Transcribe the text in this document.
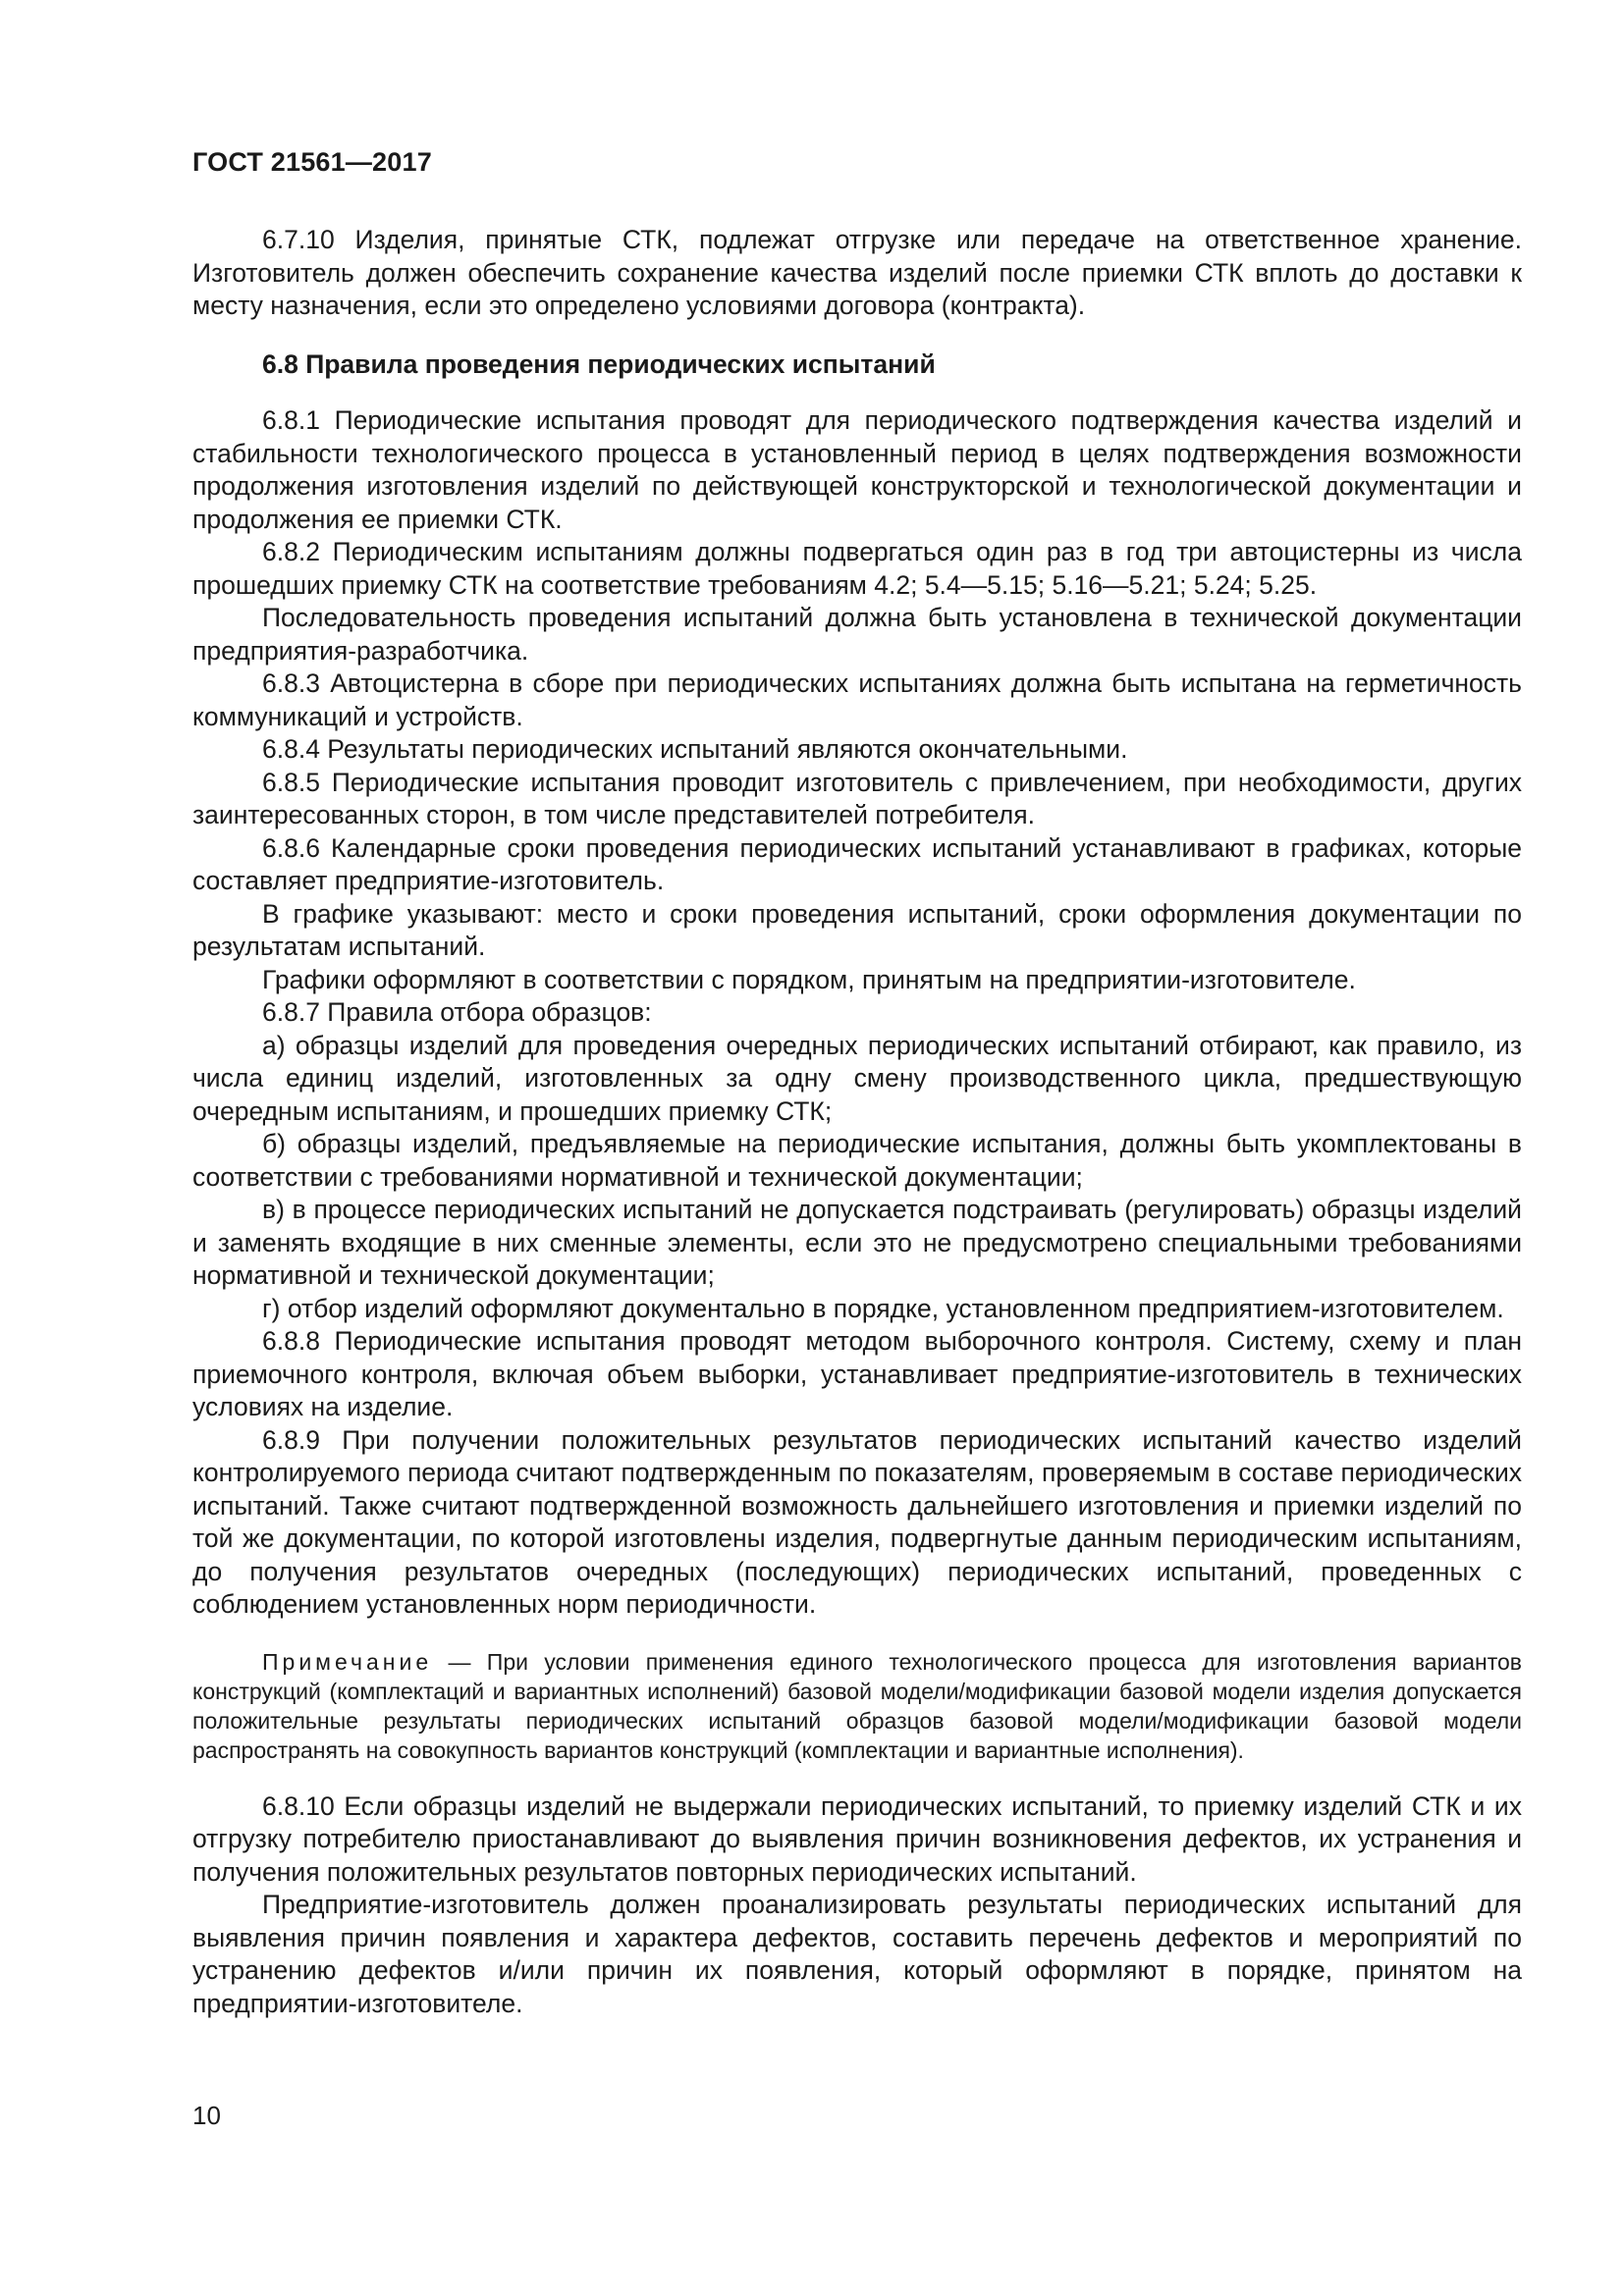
ГОСТ 21561—2017

6.7.10 Изделия, принятые СТК, подлежат отгрузке или передаче на ответственное хранение. Изготовитель должен обеспечить сохранение качества изделий после приемки СТК вплоть до доставки к месту назначения, если это определено условиями договора (контракта).

6.8 Правила проведения периодических испытаний

6.8.1 Периодические испытания проводят для периодического подтверждения качества изделий и стабильности технологического процесса в установленный период в целях подтверждения возможности продолжения изготовления изделий по действующей конструкторской и технологической документации и продолжения ее приемки СТК.

6.8.2 Периодическим испытаниям должны подвергаться один раз в год три автоцистерны из числа прошедших приемку СТК на соответствие требованиям 4.2; 5.4—5.15; 5.16—5.21; 5.24; 5.25.

Последовательность проведения испытаний должна быть установлена в технической документации предприятия-разработчика.

6.8.3 Автоцистерна в сборе при периодических испытаниях должна быть испытана на герметичность коммуникаций и устройств.

6.8.4 Результаты периодических испытаний являются окончательными.

6.8.5 Периодические испытания проводит изготовитель с привлечением, при необходимости, других заинтересованных сторон, в том числе представителей потребителя.

6.8.6 Календарные сроки проведения периодических испытаний устанавливают в графиках, которые составляет предприятие-изготовитель.

В графике указывают: место и сроки проведения испытаний, сроки оформления документации по результатам испытаний.

Графики оформляют в соответствии с порядком, принятым на предприятии-изготовителе.

6.8.7 Правила отбора образцов:

а) образцы изделий для проведения очередных периодических испытаний отбирают, как правило, из числа единиц изделий, изготовленных за одну смену производственного цикла, предшествующую очередным испытаниям, и прошедших приемку СТК;

б) образцы изделий, предъявляемые на периодические испытания, должны быть укомплектованы в соответствии с требованиями нормативной и технической документации;

в) в процессе периодических испытаний не допускается подстраивать (регулировать) образцы изделий и заменять входящие в них сменные элементы, если это не предусмотрено специальными требованиями нормативной и технической документации;

г) отбор изделий оформляют документально в порядке, установленном предприятием-изготовителем.

6.8.8 Периодические испытания проводят методом выборочного контроля. Систему, схему и план приемочного контроля, включая объем выборки, устанавливает предприятие-изготовитель в технических условиях на изделие.

6.8.9 При получении положительных результатов периодических испытаний качество изделий контролируемого периода считают подтвержденным по показателям, проверяемым в составе периодических испытаний. Также считают подтвержденной возможность дальнейшего изготовления и приемки изделий по той же документации, по которой изготовлены изделия, подвергнутые данным периодическим испытаниям, до получения результатов очередных (последующих) периодических испытаний, проведенных с соблюдением установленных норм периодичности.

Примечание — При условии применения единого технологического процесса для изготовления вариантов конструкций (комплектаций и вариантных исполнений) базовой модели/модификации базовой модели изделия допускается положительные результаты периодических испытаний образцов базовой модели/модификации базовой модели распространять на совокупность вариантов конструкций (комплектации и вариантные исполнения).

6.8.10 Если образцы изделий не выдержали периодических испытаний, то приемку изделий СТК и их отгрузку потребителю приостанавливают до выявления причин возникновения дефектов, их устранения и получения положительных результатов повторных периодических испытаний.

Предприятие-изготовитель должен проанализировать результаты периодических испытаний для выявления причин появления и характера дефектов, составить перечень дефектов и мероприятий по устранению дефектов и/или причин их появления, который оформляют в порядке, принятом на предприятии-изготовителе.

10
